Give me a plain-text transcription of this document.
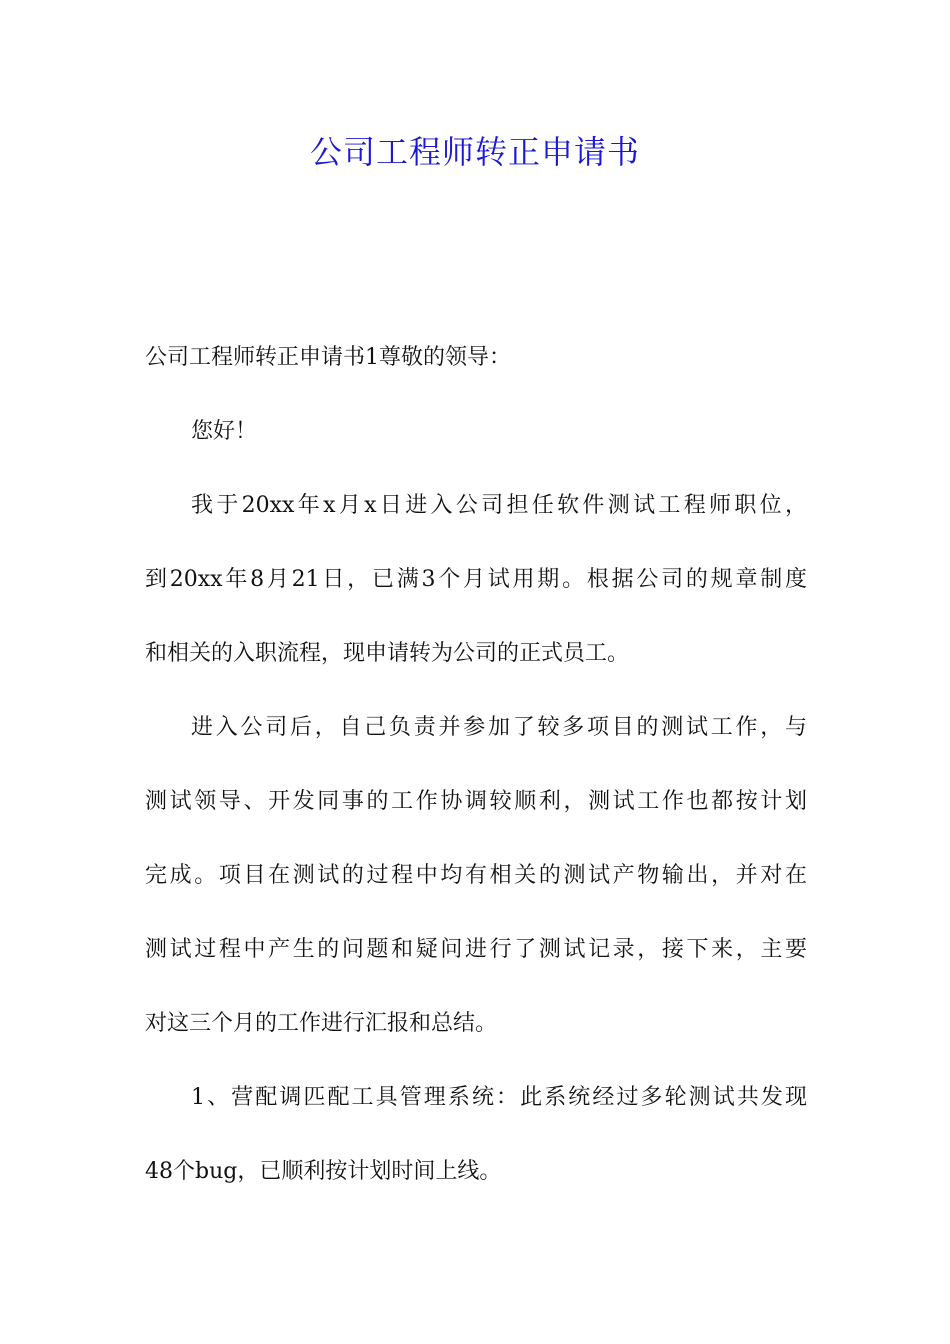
公司工程师转正申请书
公司工程师转正申请书1尊敬的领导：
您好！
我于20xx年x月x日进入公司担任软件测试工程师职位，
到20xx年8月21日，已满3个月试用期。根据公司的规章制度
和相关的入职流程，现申请转为公司的正式员工。
进入公司后，自己负责并参加了较多项目的测试工作，与
测试领导、开发同事的工作协调较顺利，测试工作也都按计划
完成。项目在测试的过程中均有相关的测试产物输出，并对在
测试过程中产生的问题和疑问进行了测试记录，接下来，主要
对这三个月的工作进行汇报和总结。
1、营配调匹配工具管理系统：此系统经过多轮测试共发现
48个bug，已顺利按计划时间上线。
